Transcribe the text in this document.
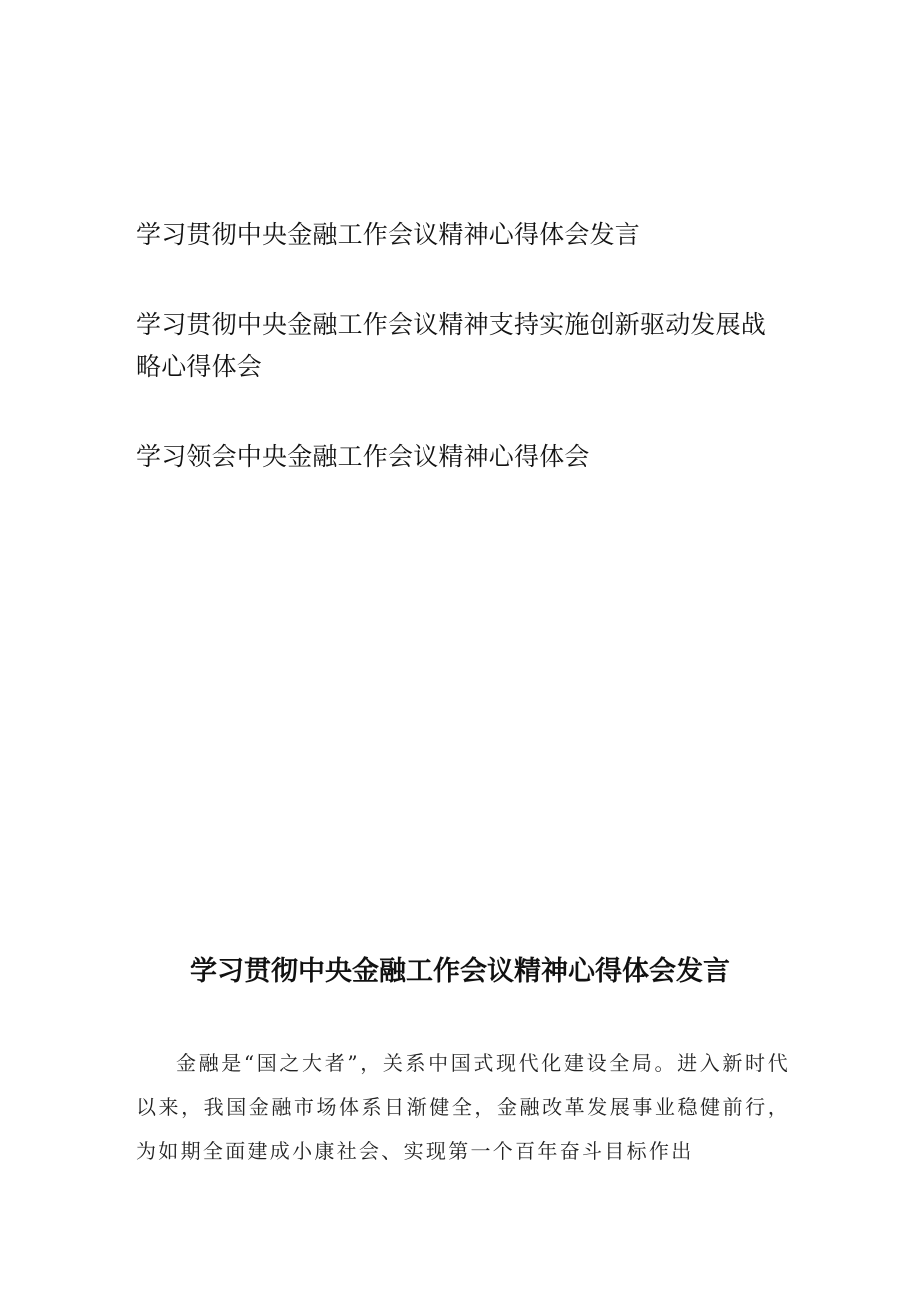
学习贯彻中央金融工作会议精神心得体会发言

学习贯彻中央金融工作会议精神支持实施创新驱动发展战略心得体会

学习领会中央金融工作会议精神心得体会

学习贯彻中央金融工作会议精神心得体会发言

金融是“国之大者”，关系中国式现代化建设全局。进入新时代以来，我国金融市场体系日渐健全，金融改革发展事业稳健前行，为如期全面建成小康社会、实现第一个百年奋斗目标作出
